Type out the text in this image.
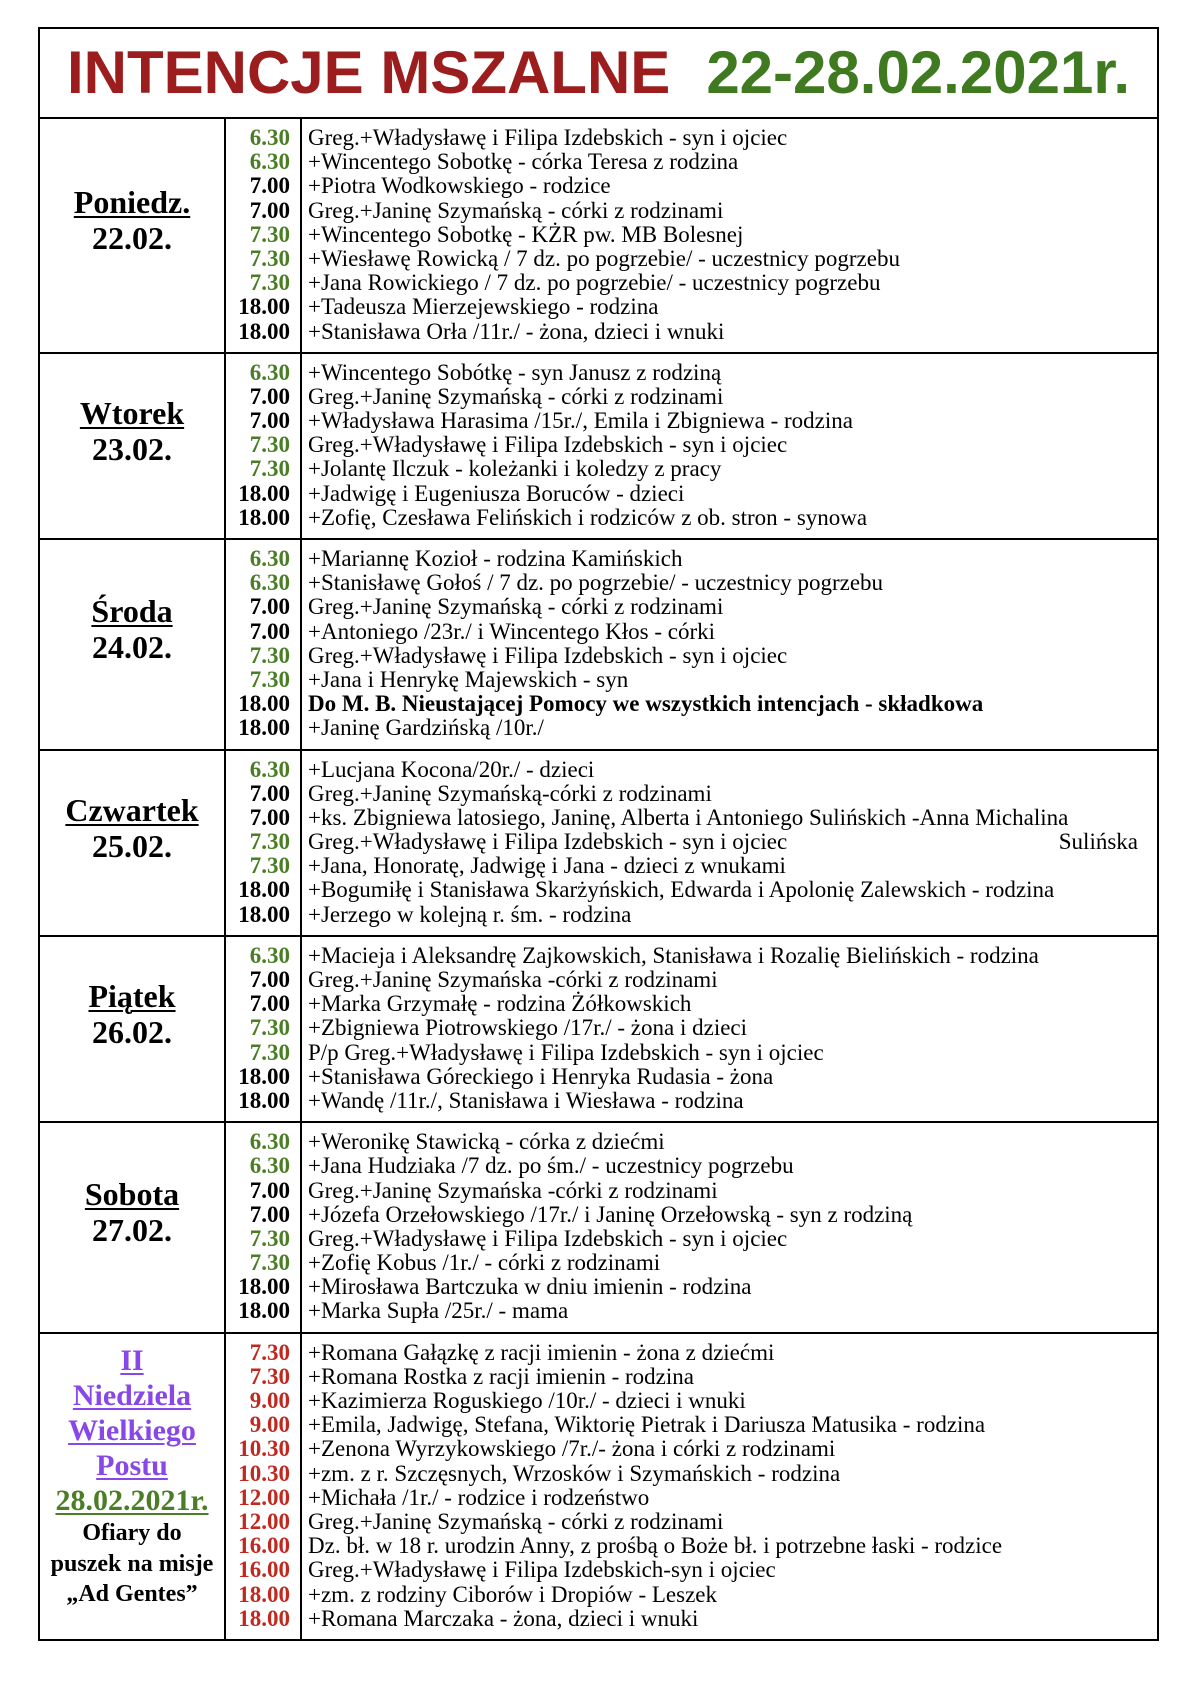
INTENCJE MSZALNE 22-28.02.2021r.
Poniedz.
22.02.
6.30
6.30
7.00
7.00
7.30
7.30
7.30
18.00
18.00
Greg.+Władysławę i Filipa Izdebskich - syn i ojciec
+Wincentego Sobotkę - córka Teresa z rodzina
+Piotra Wodkowskiego - rodzice
Greg.+Janinę Szymańską - córki z rodzinami
+Wincentego Sobotkę - KŻR pw. MB Bolesnej
+Wiesławę Rowicką / 7 dz. po pogrzebie/ - uczestnicy pogrzebu
+Jana Rowickiego / 7 dz. po pogrzebie/ - uczestnicy pogrzebu
+Tadeusza Mierzejewskiego - rodzina
+Stanisława Orła /11r./ - żona, dzieci i wnuki
Wtorek
23.02.
6.30
7.00
7.00
7.30
7.30
18.00
18.00
+Wincentego Sobótkę - syn Janusz z rodziną
Greg.+Janinę Szymańską - córki z rodzinami
+Władysława Harasima /15r./, Emila i Zbigniewa - rodzina
Greg.+Władysławę i Filipa Izdebskich - syn i ojciec
+Jolantę Ilczuk - koleżanki i koledzy z pracy
+Jadwigę i Eugeniusza Boruców - dzieci
+Zofię, Czesława Felińskich i rodziców z ob. stron - synowa
Środa
24.02.
6.30
6.30
7.00
7.00
7.30
7.30
18.00
18.00
+Mariannę Kozioł - rodzina Kamińskich
+Stanisławę Gołoś / 7 dz. po pogrzebie/ - uczestnicy pogrzebu
Greg.+Janinę Szymańską - córki z rodzinami
+Antoniego /23r./ i Wincentego Kłos - córki
Greg.+Władysławę i Filipa Izdebskich - syn i ojciec
+Jana i Henrykę Majewskich - syn
Do M. B. Nieustającej Pomocy we wszystkich intencjach - składkowa
+Janinę Gardzińską /10r./
Czwartek
25.02.
6.30
7.00
7.00
7.30
7.30
18.00
18.00
+Lucjana Kocona/20r./ - dzieci
Greg.+Janinę Szymańską-córki z rodzinami
+ks. Zbigniewa latosiego, Janinę, Alberta i Antoniego Sulińskich -Anna Michalina
Greg.+Władysławę i Filipa Izdebskich - syn i ojciec	Sulińska
+Jana, Honoratę, Jadwigę i Jana - dzieci z wnukami
+Bogumiłę i Stanisława Skarżyńskich, Edwarda i Apolonię Zalewskich - rodzina
+Jerzego w kolejną r. śm. - rodzina
Piątek
26.02.
6.30
7.00
7.00
7.30
7.30
18.00
18.00
+Macieja i Aleksandrę Zajkowskich, Stanisława i Rozalię Bielińskich - rodzina
Greg.+Janinę Szymańska -córki z rodzinami
+Marka Grzymałę - rodzina Żółkowskich
+Zbigniewa Piotrowskiego /17r./ - żona i dzieci
P/p Greg.+Władysławę i Filipa Izdebskich - syn i ojciec
+Stanisława Góreckiego i Henryka Rudasia - żona
+Wandę /11r./, Stanisława i Wiesława - rodzina
Sobota
27.02.
6.30
6.30
7.00
7.00
7.30
7.30
18.00
18.00
+Weronikę Stawicką - córka z dziećmi
+Jana Hudziaka /7 dz. po śm./ - uczestnicy pogrzebu
Greg.+Janinę Szymańska -córki z rodzinami
+Józefa Orzełowskiego /17r./ i Janinę Orzełowską - syn z rodziną
Greg.+Władysławę i Filipa Izdebskich - syn i ojciec
+Zofię Kobus /1r./ - córki z rodzinami
+Mirosława Bartczuka w dniu imienin - rodzina
+Marka Supła /25r./ - mama
II
Niedziela
Wielkiego
Postu
28.02.2021r.
Ofiary do
puszek na misje
„Ad Gentes”
7.30
7.30
9.00
9.00
10.30
10.30
12.00
12.00
16.00
16.00
18.00
18.00
+Romana Gałązkę z racji imienin - żona z dziećmi
+Romana Rostka z racji imienin - rodzina
+Kazimierza Roguskiego /10r./ - dzieci i wnuki
+Emila, Jadwigę, Stefana, Wiktorię Pietrak i Dariusza Matusika - rodzina
+Zenona Wyrzykowskiego /7r./- żona i córki z rodzinami
+zm. z r. Szczęsnych, Wrzosków i Szymańskich - rodzina
+Michała /1r./ - rodzice i rodzeństwo
Greg.+Janinę Szymańską - córki z rodzinami
Dz. bł. w 18 r. urodzin Anny, z prośbą o Boże bł. i potrzebne łaski - rodzice
Greg.+Władysławę i Filipa Izdebskich-syn i ojciec
+zm. z rodziny Ciborów i Dropiów - Leszek
+Romana Marczaka - żona, dzieci i wnuki
